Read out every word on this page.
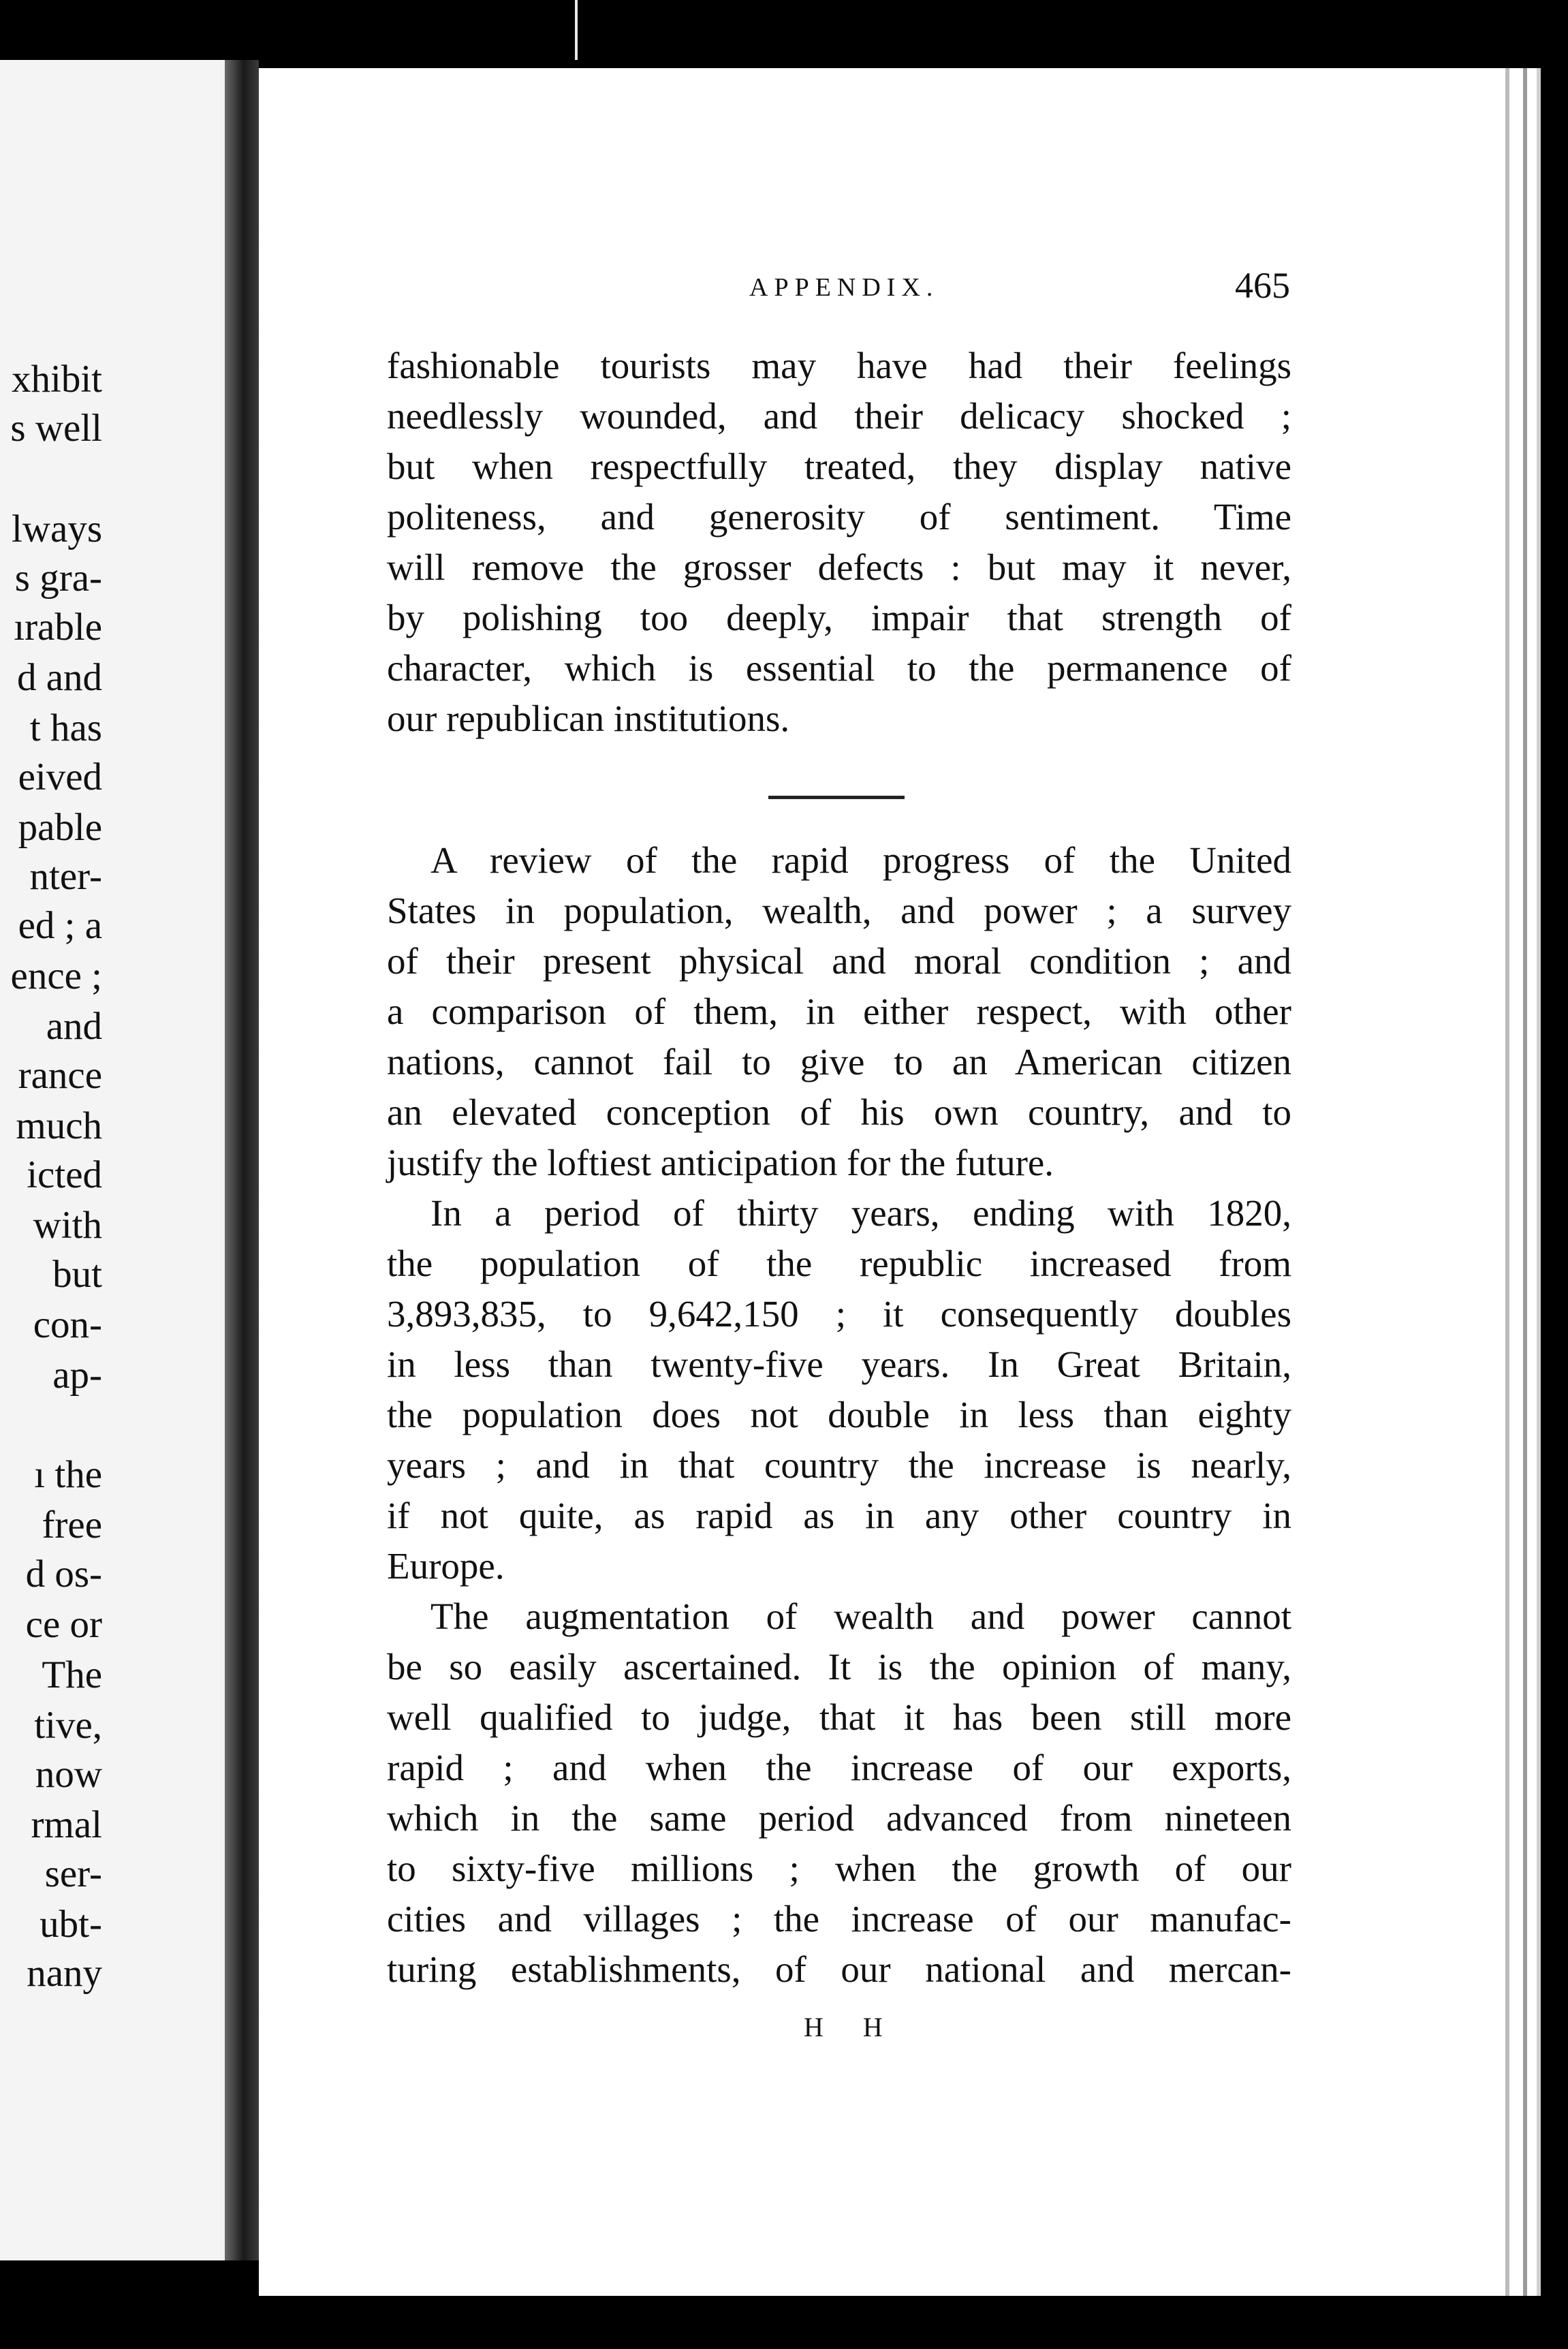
xhibit
s well
lways
s gra-
ırable
d and
t has
eived
pable
nter-
ed ; a
ence ;
and
rance
much
icted
with
but
con-
ap-
ı the
free
d os-
ce or
The
tive,
now
rmal
ser-
ubt-
nany
APPENDIX.	465
fashionable tourists may have had their feelings
needlessly wounded, and their delicacy shocked ;
but when respectfully treated, they display native
politeness, and generosity of sentiment. Time
will remove the grosser defects : but may it never,
by polishing too deeply, impair that strength of
character, which is essential to the permanence of
our republican institutions.
A review of the rapid progress of the United
States in population, wealth, and power ; a survey
of their present physical and moral condition ; and
a comparison of them, in either respect, with other
nations, cannot fail to give to an American citizen
an elevated conception of his own country, and to
justify the loftiest anticipation for the future.
In a period of thirty years, ending with 1820,
the population of the republic increased from
3,893,835, to 9,642,150 ; it consequently doubles
in less than twenty-five years. In Great Britain,
the population does not double in less than eighty
years ; and in that country the increase is nearly,
if not quite, as rapid as in any other country in
Europe.
The augmentation of wealth and power cannot
be so easily ascertained. It is the opinion of many,
well qualified to judge, that it has been still more
rapid ; and when the increase of our exports,
which in the same period advanced from nineteen
to sixty-five millions ; when the growth of our
cities and villages ; the increase of our manufac-
turing establishments, of our national and mercan-
H H
